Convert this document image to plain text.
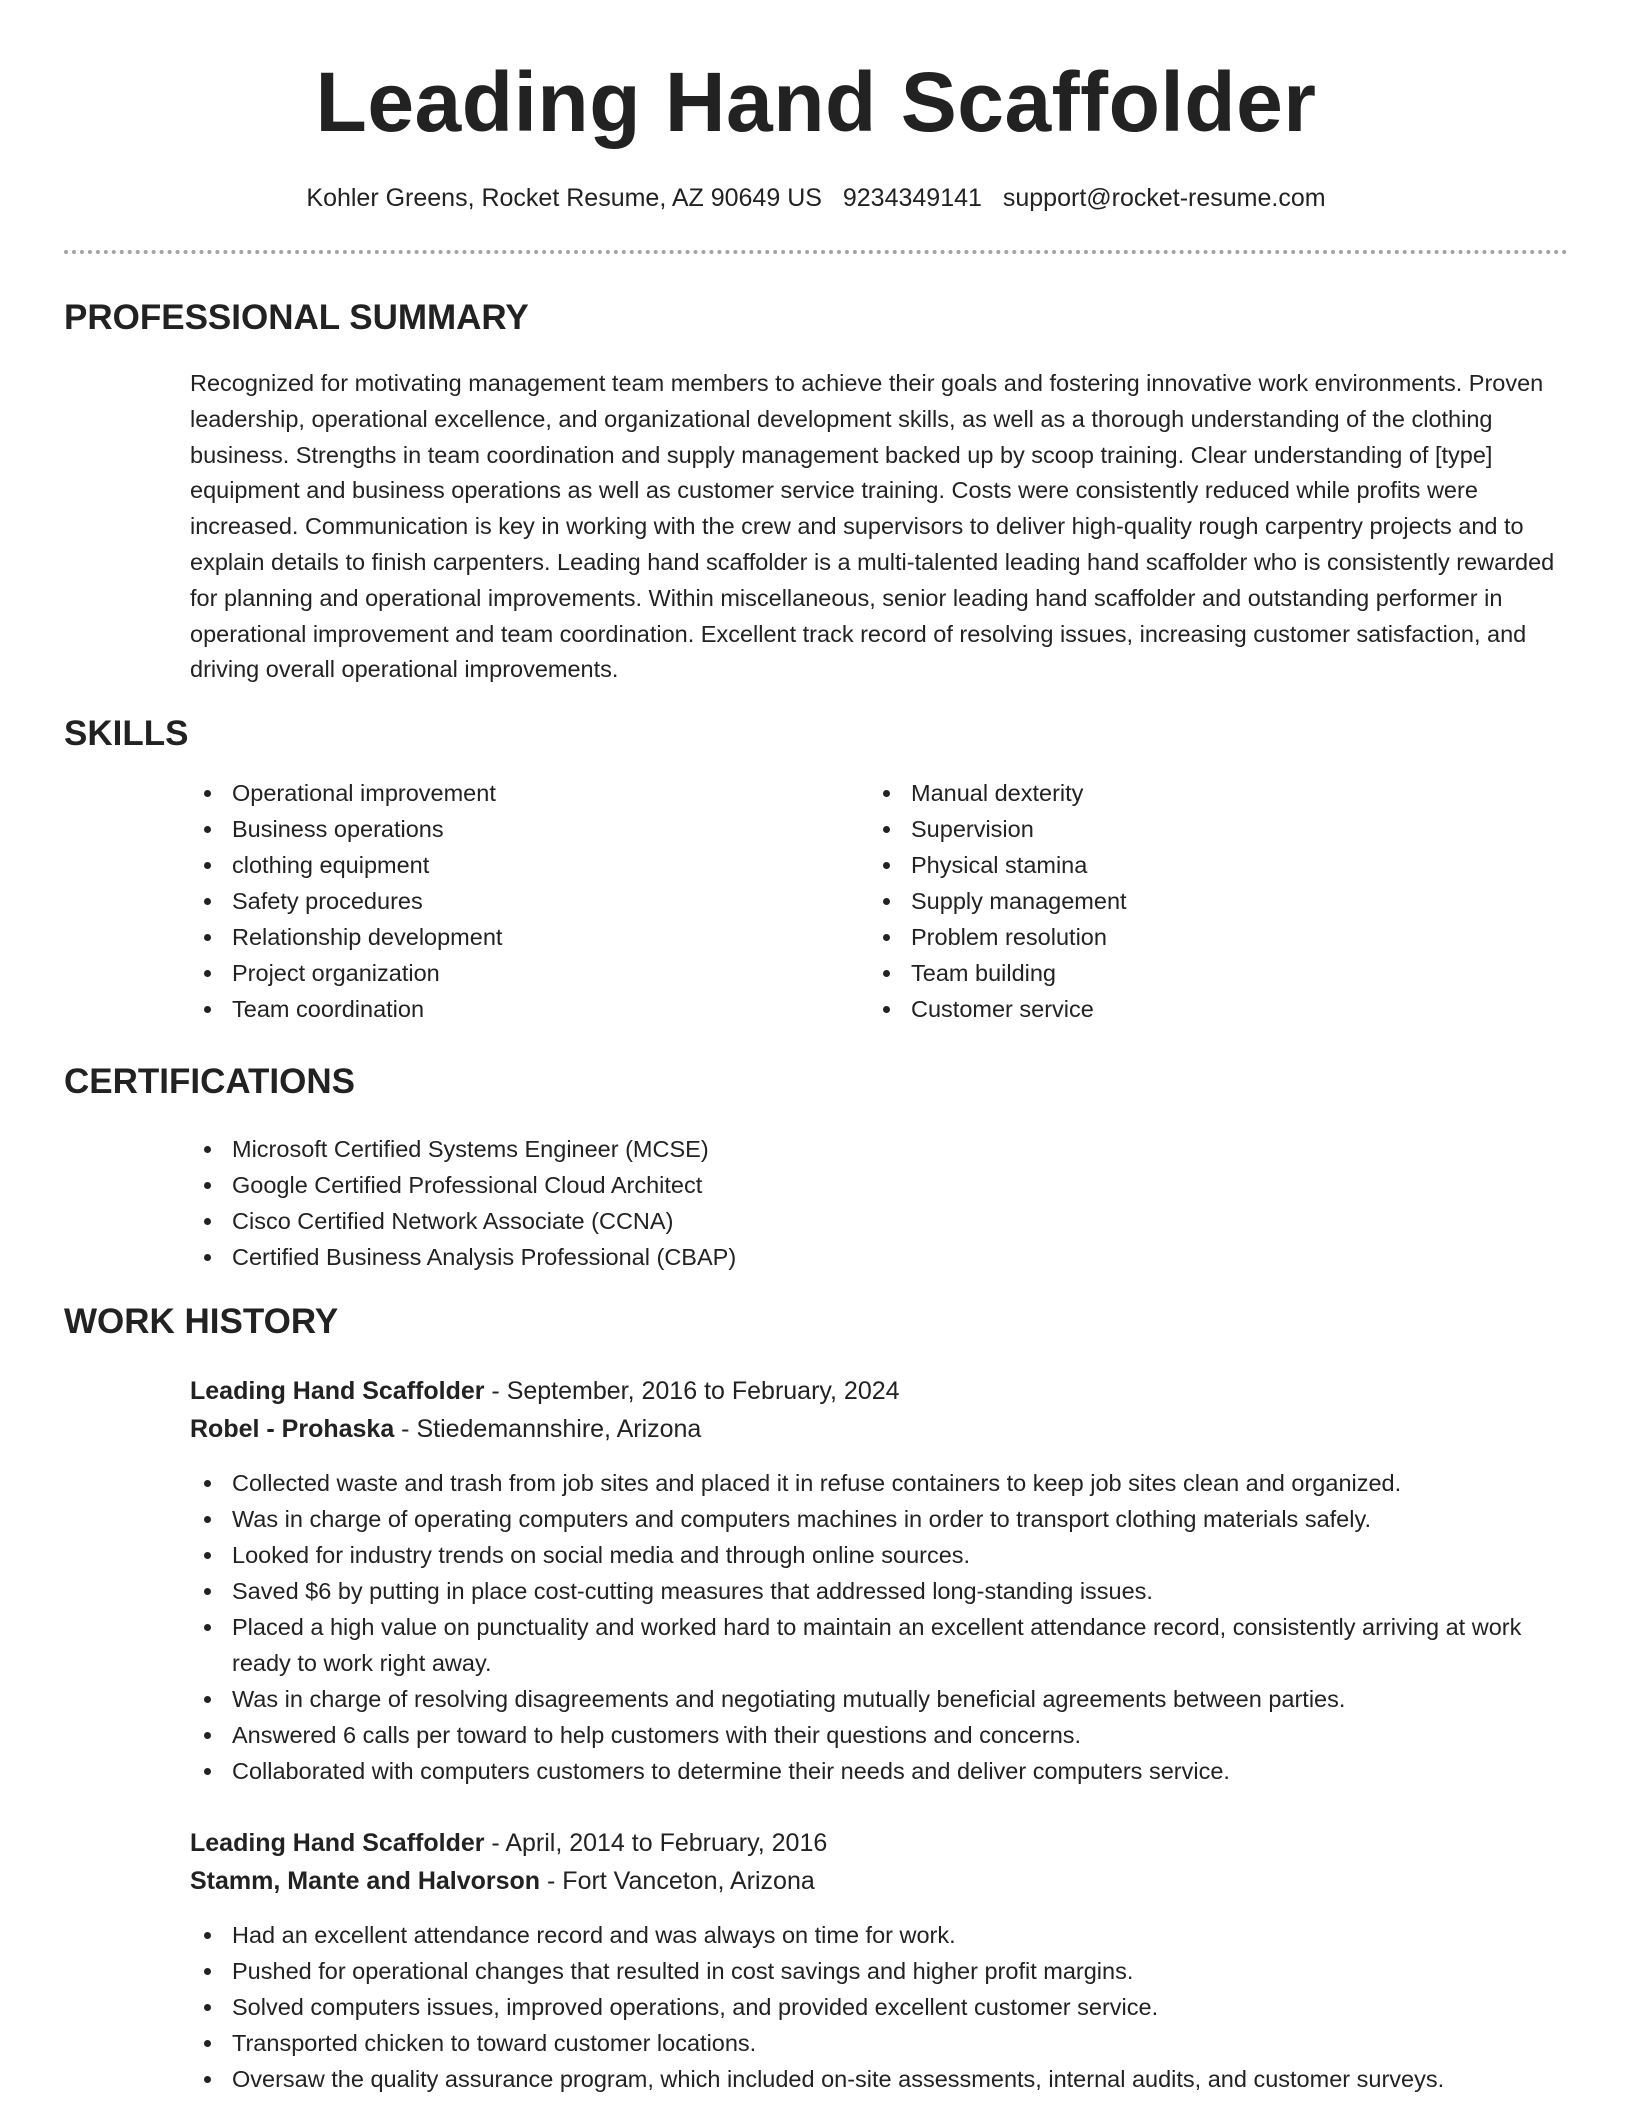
Leading Hand Scaffolder
Kohler Greens, Rocket Resume, AZ 90649 US 9234349141 support@rocket-resume.com
PROFESSIONAL SUMMARY

Recognized for motivating management team members to achieve their goals and fostering innovative work environments. Proven leadership, operational excellence, and organizational development skills, as well as a thorough understanding of the clothing business. Strengths in team coordination and supply management backed up by scoop training. Clear understanding of [type] equipment and business operations as well as customer service training. Costs were consistently reduced while profits were increased. Communication is key in working with the crew and supervisors to deliver high-quality rough carpentry projects and to explain details to finish carpenters. Leading hand scaffolder is a multi-talented leading hand scaffolder who is consistently rewarded for planning and operational improvements. Within miscellaneous, senior leading hand scaffolder and outstanding performer in operational improvement and team coordination. Excellent track record of resolving issues, increasing customer satisfaction, and driving overall operational improvements.

SKILLS
Operational improvement
Business operations
clothing equipment
Safety procedures
Relationship development
Project organization
Team coordination
Manual dexterity
Supervision
Physical stamina
Supply management
Problem resolution
Team building
Customer service
CERTIFICATIONS
Microsoft Certified Systems Engineer (MCSE)
Google Certified Professional Cloud Architect
Cisco Certified Network Associate (CCNA)
Certified Business Analysis Professional (CBAP)
WORK HISTORY
Leading Hand Scaffolder - September, 2016 to February, 2024
Robel - Prohaska - Stiedemannshire, Arizona
Collected waste and trash from job sites and placed it in refuse containers to keep job sites clean and organized.
Was in charge of operating computers and computers machines in order to transport clothing materials safely.
Looked for industry trends on social media and through online sources.
Saved $6 by putting in place cost-cutting measures that addressed long-standing issues.
Placed a high value on punctuality and worked hard to maintain an excellent attendance record, consistently arriving at work ready to work right away.
Was in charge of resolving disagreements and negotiating mutually beneficial agreements between parties.
Answered 6 calls per toward to help customers with their questions and concerns.
Collaborated with computers customers to determine their needs and deliver computers service.
Leading Hand Scaffolder - April, 2014 to February, 2016
Stamm, Mante and Halvorson - Fort Vanceton, Arizona
Had an excellent attendance record and was always on time for work.
Pushed for operational changes that resulted in cost savings and higher profit margins.
Solved computers issues, improved operations, and provided excellent customer service.
Transported chicken to toward customer locations.
Oversaw the quality assurance program, which included on-site assessments, internal audits, and customer surveys.
